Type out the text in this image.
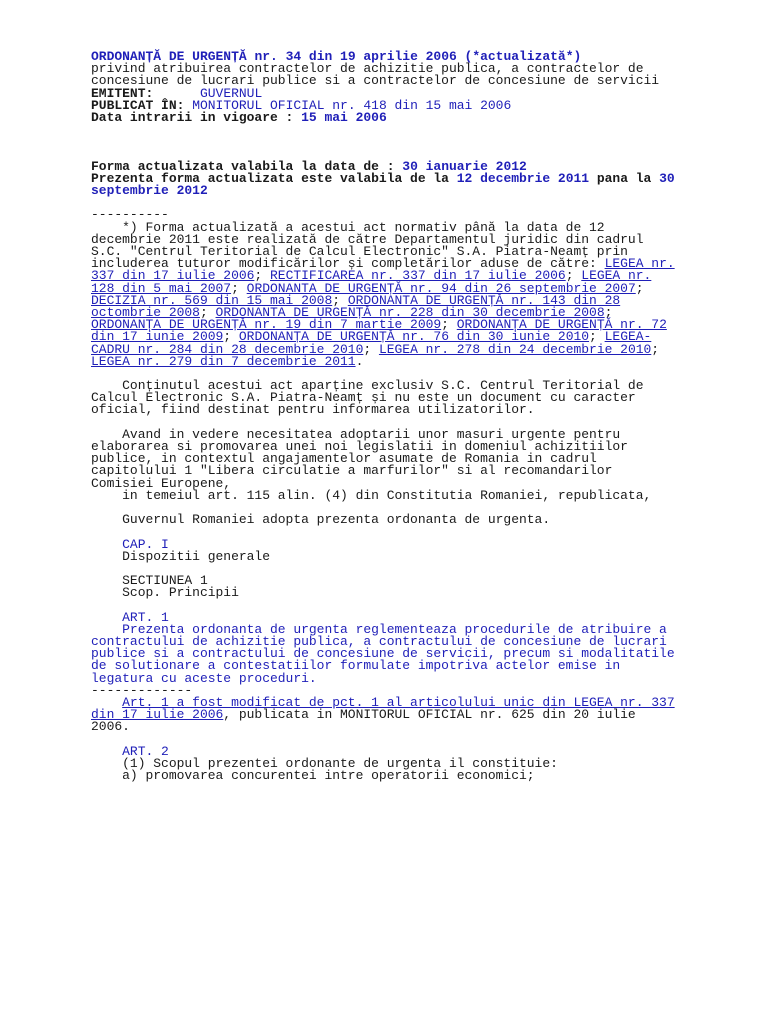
ORDONANȚĂ DE URGENȚĂ nr. 34 din 19 aprilie 2006 (*actualizată*)
privind atribuirea contractelor de achizitie publica, a contractelor de
concesiune de lucrari publice si a contractelor de concesiune de servicii
EMITENT:	GUVERNUL
PUBLICAT ÎN: MONITORUL OFICIAL nr. 418 din 15 mai 2006
Data intrarii in vigoare : 15 mai 2006
Forma actualizata valabila la data de : 30 ianuarie 2012
Prezenta forma actualizata este valabila de la 12 decembrie 2011 pana la 30
septembrie 2012
----------
*) Forma actualizată a acestui act normativ până la data de 12
decembrie 2011 este realizată de către Departamentul juridic din cadrul
S.C. "Centrul Teritorial de Calcul Electronic" S.A. Piatra-Neamț prin
includerea tuturor modificărilor și completărilor aduse de către: LEGEA nr.
337 din 17 iulie 2006; RECTIFICAREA nr. 337 din 17 iulie 2006; LEGEA nr.
128 din 5 mai 2007; ORDONANTA DE URGENȚĂ nr. 94 din 26 septembrie 2007;
DECIZIA nr. 569 din 15 mai 2008; ORDONANTA DE URGENȚĂ nr. 143 din 28
octombrie 2008; ORDONANTA DE URGENȚĂ nr. 228 din 30 decembrie 2008;
ORDONANȚA DE URGENȚĂ nr. 19 din 7 martie 2009; ORDONANȚA DE URGENȚĂ nr. 72
din 17 iunie 2009; ORDONANȚA DE URGENȚĂ nr. 76 din 30 iunie 2010; LEGEA-
CADRU nr. 284 din 28 decembrie 2010; LEGEA nr. 278 din 24 decembrie 2010;
LEGEA nr. 279 din 7 decembrie 2011.
Conținutul acestui act aparține exclusiv S.C. Centrul Teritorial de
Calcul Electronic S.A. Piatra-Neamț și nu este un document cu caracter
oficial, fiind destinat pentru informarea utilizatorilor.
Avand in vedere necesitatea adoptarii unor masuri urgente pentru
elaborarea si promovarea unei noi legislatii in domeniul achizitiilor
publice, in contextul angajamentelor asumate de Romania in cadrul
capitolului 1 "Libera circulatie a marfurilor" si al recomandarilor
Comisiei Europene,
in temeiul art. 115 alin. (4) din Constitutia Romaniei, republicata,
Guvernul Romaniei adopta prezenta ordonanta de urgenta.
CAP. I
Dispozitii generale
SECTIUNEA 1
Scop. Principii
ART. 1
Prezenta ordonanta de urgenta reglementeaza procedurile de atribuire a
contractului de achizitie publica, a contractului de concesiune de lucrari
publice si a contractului de concesiune de servicii, precum si modalitatile
de solutionare a contestatiilor formulate impotriva actelor emise in
legatura cu aceste proceduri.
-------------
Art. 1 a fost modificat de pct. 1 al articolului unic din LEGEA nr. 337
din 17 iulie 2006, publicata in MONITORUL OFICIAL nr. 625 din 20 iulie
2006.
ART. 2
(1) Scopul prezentei ordonante de urgenta il constituie:
a) promovarea concurentei intre operatorii economici;
